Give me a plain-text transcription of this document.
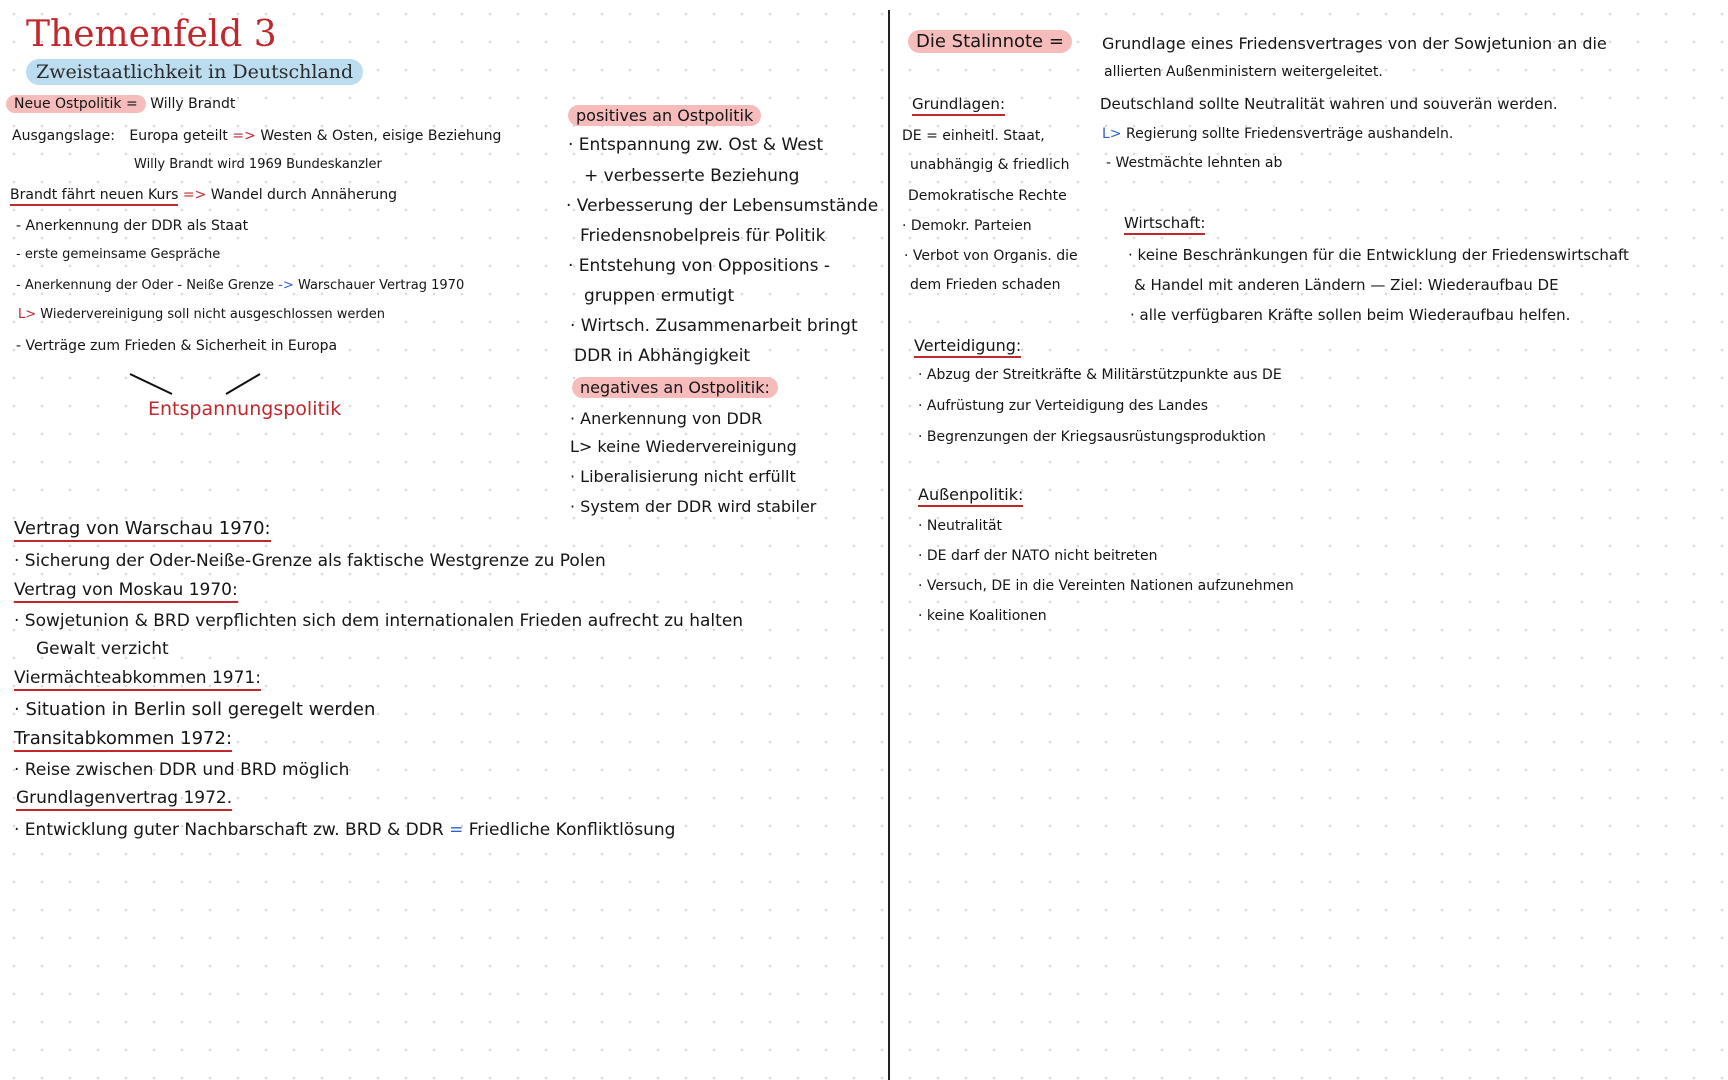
Themenfeld 3
Zweistaatlichkeit in Deutschland
Neue Ostpolitik = Willy Brandt
Ausgangslage: Europa geteilt => Westen & Osten, eisige Beziehung
Willy Brandt wird 1969 Bundeskanzler
Brandt fährt neuen Kurs => Wandel durch Annäherung
- Anerkennung der DDR als Staat
- erste gemeinsame Gespräche
- Anerkennung der Oder - Neiße Grenze -> Warschauer Vertrag 1970
L> Wiedervereinigung soll nicht ausgeschlossen werden
- Verträge zum Frieden & Sicherheit in Europa
Entspannungspolitik
positives an Ostpolitik
· Entspannung zw. Ost & West
+ verbesserte Beziehung
· Verbesserung der Lebensumstände
Friedensnobelpreis für Politik
· Entstehung von Oppositions -
gruppen ermutigt
· Wirtsch. Zusammenarbeit bringt
DDR in Abhängigkeit
negatives an Ostpolitik:
· Anerkennung von DDR
L> keine Wiedervereinigung
· Liberalisierung nicht erfüllt
· System der DDR wird stabiler
Vertrag von Warschau 1970:
· Sicherung der Oder-Neiße-Grenze als faktische Westgrenze zu Polen
Vertrag von Moskau 1970:
· Sowjetunion & BRD verpflichten sich dem internationalen Frieden aufrecht zu halten
Gewalt verzicht
Viermächteabkommen 1971:
· Situation in Berlin soll geregelt werden
Transitabkommen 1972:
· Reise zwischen DDR und BRD möglich
Grundlagenvertrag 1972.
· Entwicklung guter Nachbarschaft zw. BRD & DDR = Friedliche Konfliktlösung
Die Stalinnote =	Grundlage eines Friedensvertrages von der Sowjetunion an die
allierten Außenministern weitergeleitet.
Grundlagen:
DE = einheitl. Staat,
unabhängig & friedlich
Demokratische Rechte
· Demokr. Parteien
· Verbot von Organis. die
dem Frieden schaden
Deutschland sollte Neutralität wahren und souverän werden.
L> Regierung sollte Friedensverträge aushandeln.
- Westmächte lehnten ab
Wirtschaft:
· keine Beschränkungen für die Entwicklung der Friedenswirtschaft
& Handel mit anderen Ländern — Ziel: Wiederaufbau DE
· alle verfügbaren Kräfte sollen beim Wiederaufbau helfen.
Verteidigung:
· Abzug der Streitkräfte & Militärstützpunkte aus DE
· Aufrüstung zur Verteidigung des Landes
· Begrenzungen der Kriegsausrüstungsproduktion
Außenpolitik:
· Neutralität
· DE darf der NATO nicht beitreten
· Versuch, DE in die Vereinten Nationen aufzunehmen
· keine Koalitionen
